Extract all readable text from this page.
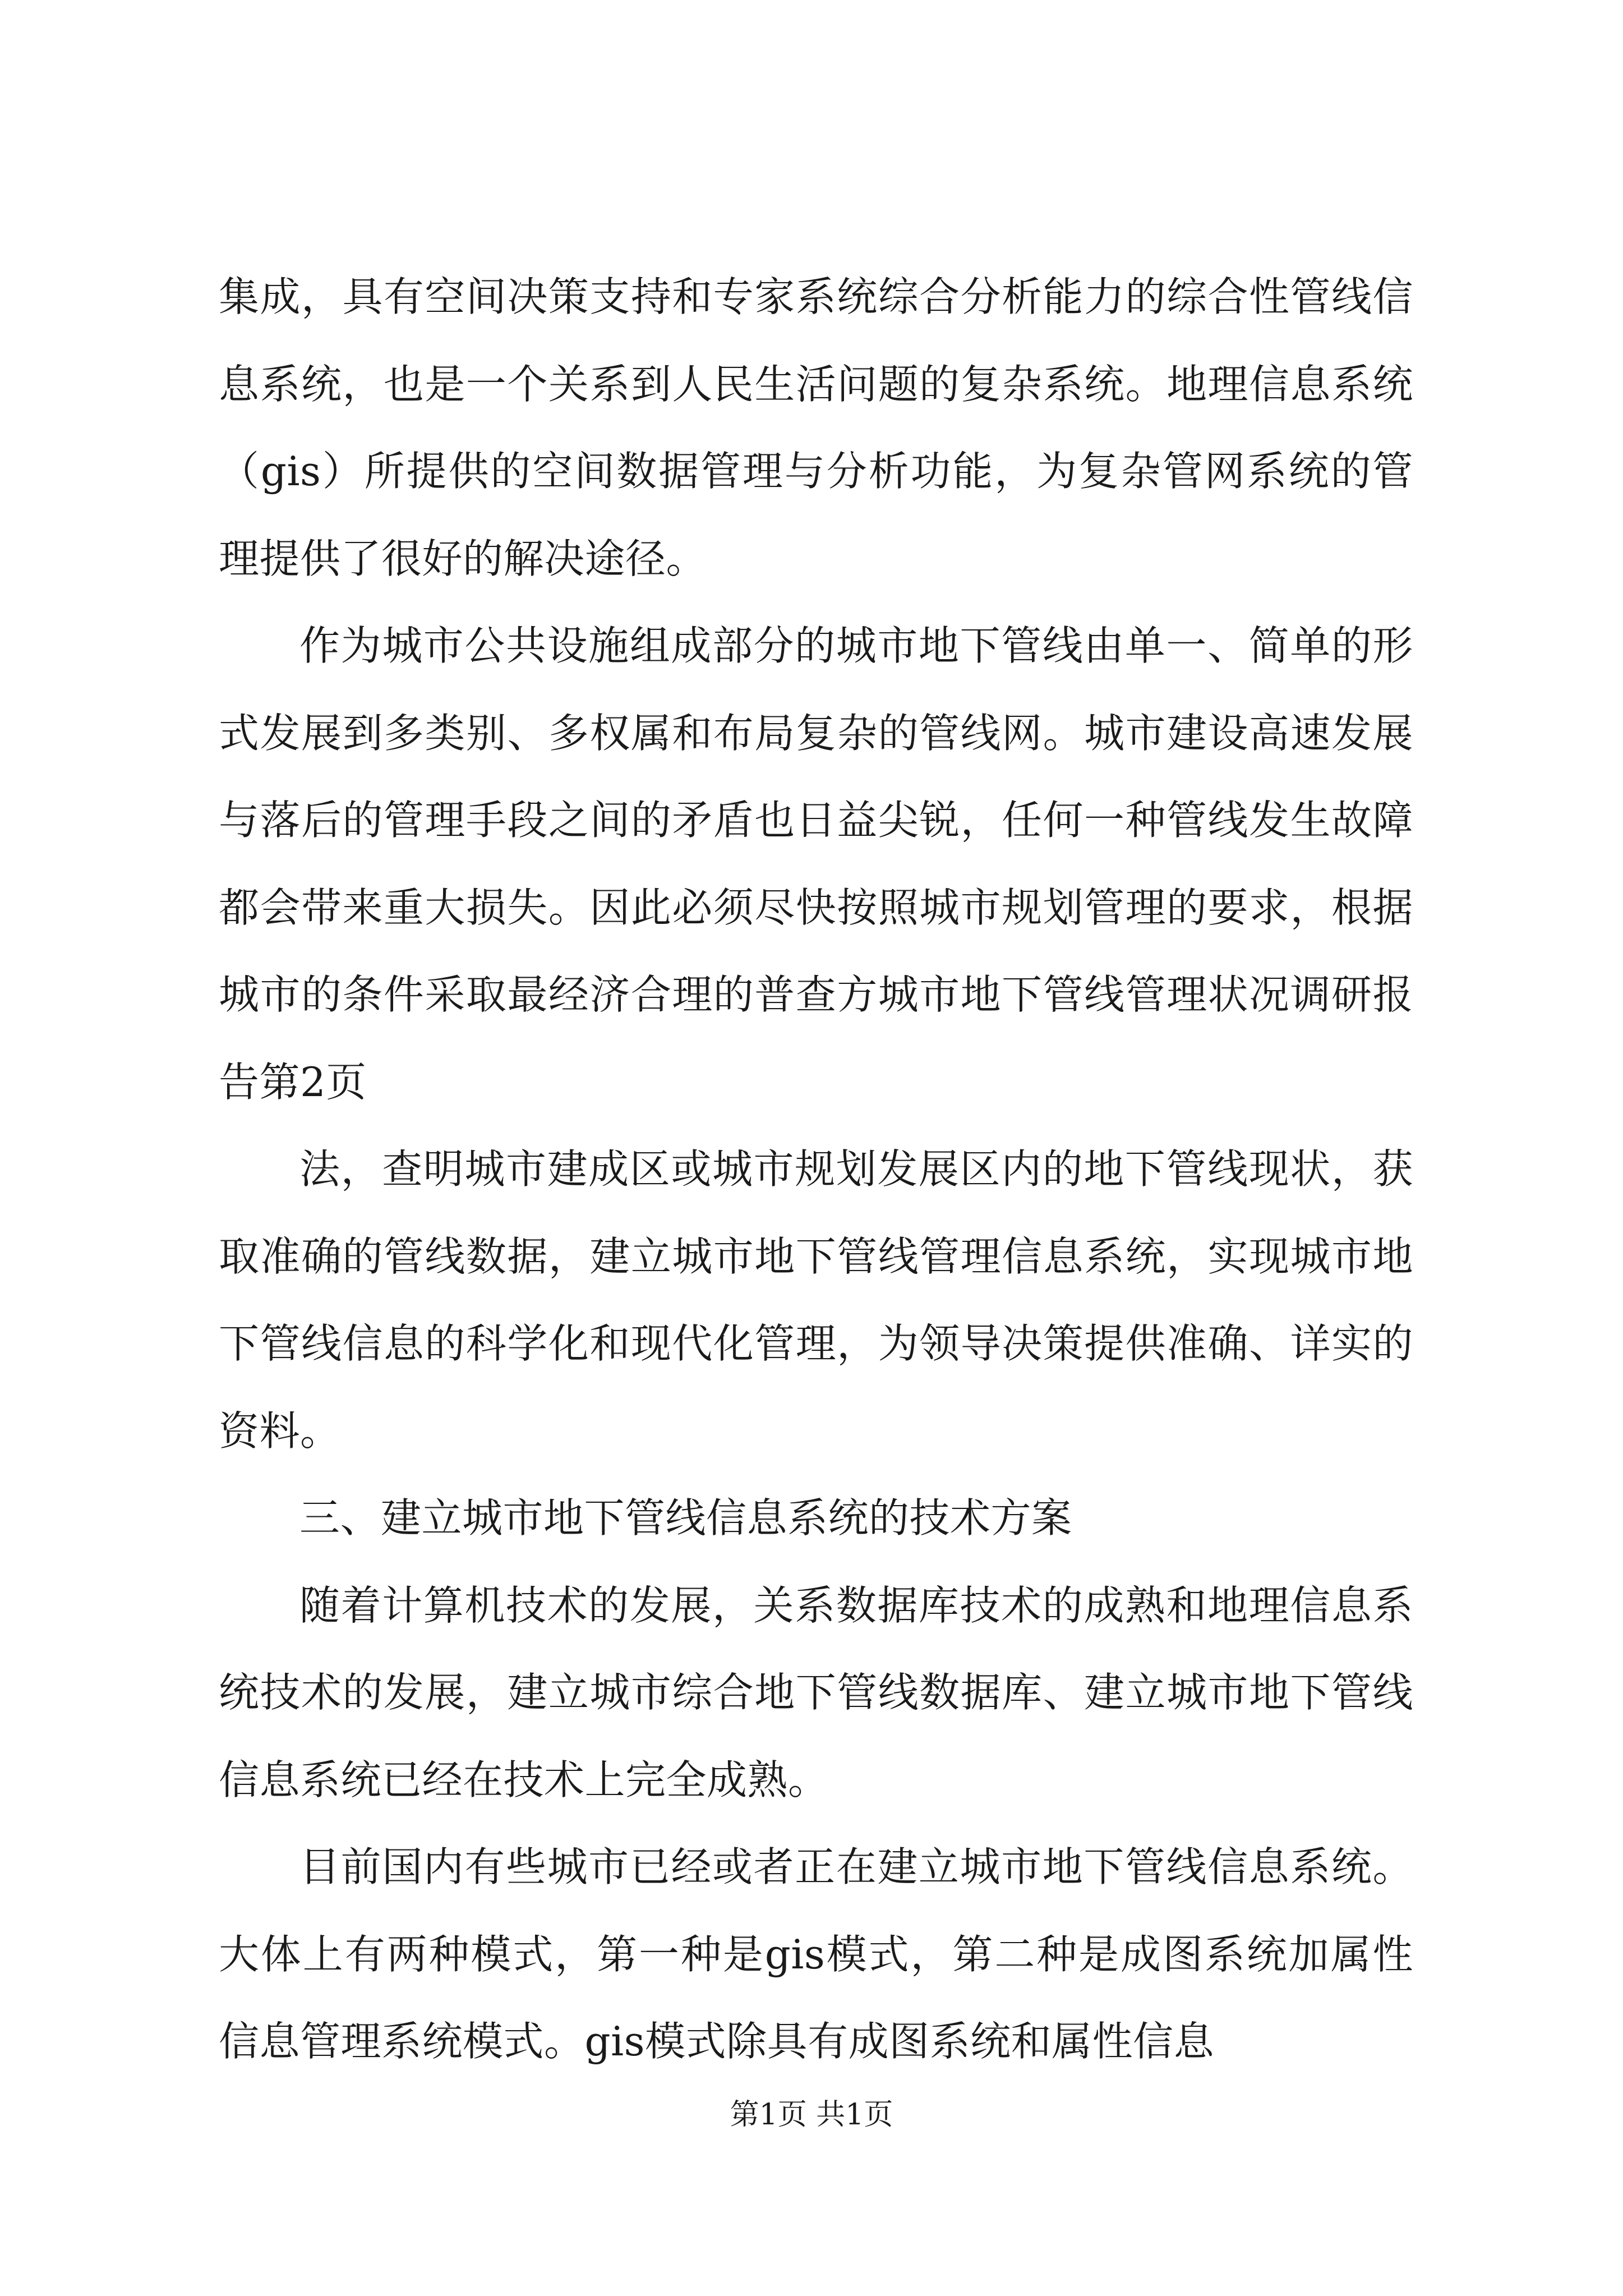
集成，具有空间决策支持和专家系统综合分析能力的综合性管线信息系统，也是一个关系到人民生活问题的复杂系统。地理信息系统（gis）所提供的空间数据管理与分析功能，为复杂管网系统的管理提供了很好的解决途径。

作为城市公共设施组成部分的城市地下管线由单一、简单的形式发展到多类别、多权属和布局复杂的管线网。城市建设高速发展与落后的管理手段之间的矛盾也日益尖锐，任何一种管线发生故障都会带来重大损失。因此必须尽快按照城市规划管理的要求，根据城市的条件采取最经济合理的普查方城市地下管线管理状况调研报告第2页

法，查明城市建成区或城市规划发展区内的地下管线现状，获取准确的管线数据，建立城市地下管线管理信息系统，实现城市地下管线信息的科学化和现代化管理，为领导决策提供准确、详实的资料。

三、建立城市地下管线信息系统的技术方案

随着计算机技术的发展，关系数据库技术的成熟和地理信息系统技术的发展，建立城市综合地下管线数据库、建立城市地下管线信息系统已经在技术上完全成熟。

目前国内有些城市已经或者正在建立城市地下管线信息系统。大体上有两种模式，第一种是gis模式，第二种是成图系统加属性信息管理系统模式。gis模式除具有成图系统和属性信息

第1页 共1页
